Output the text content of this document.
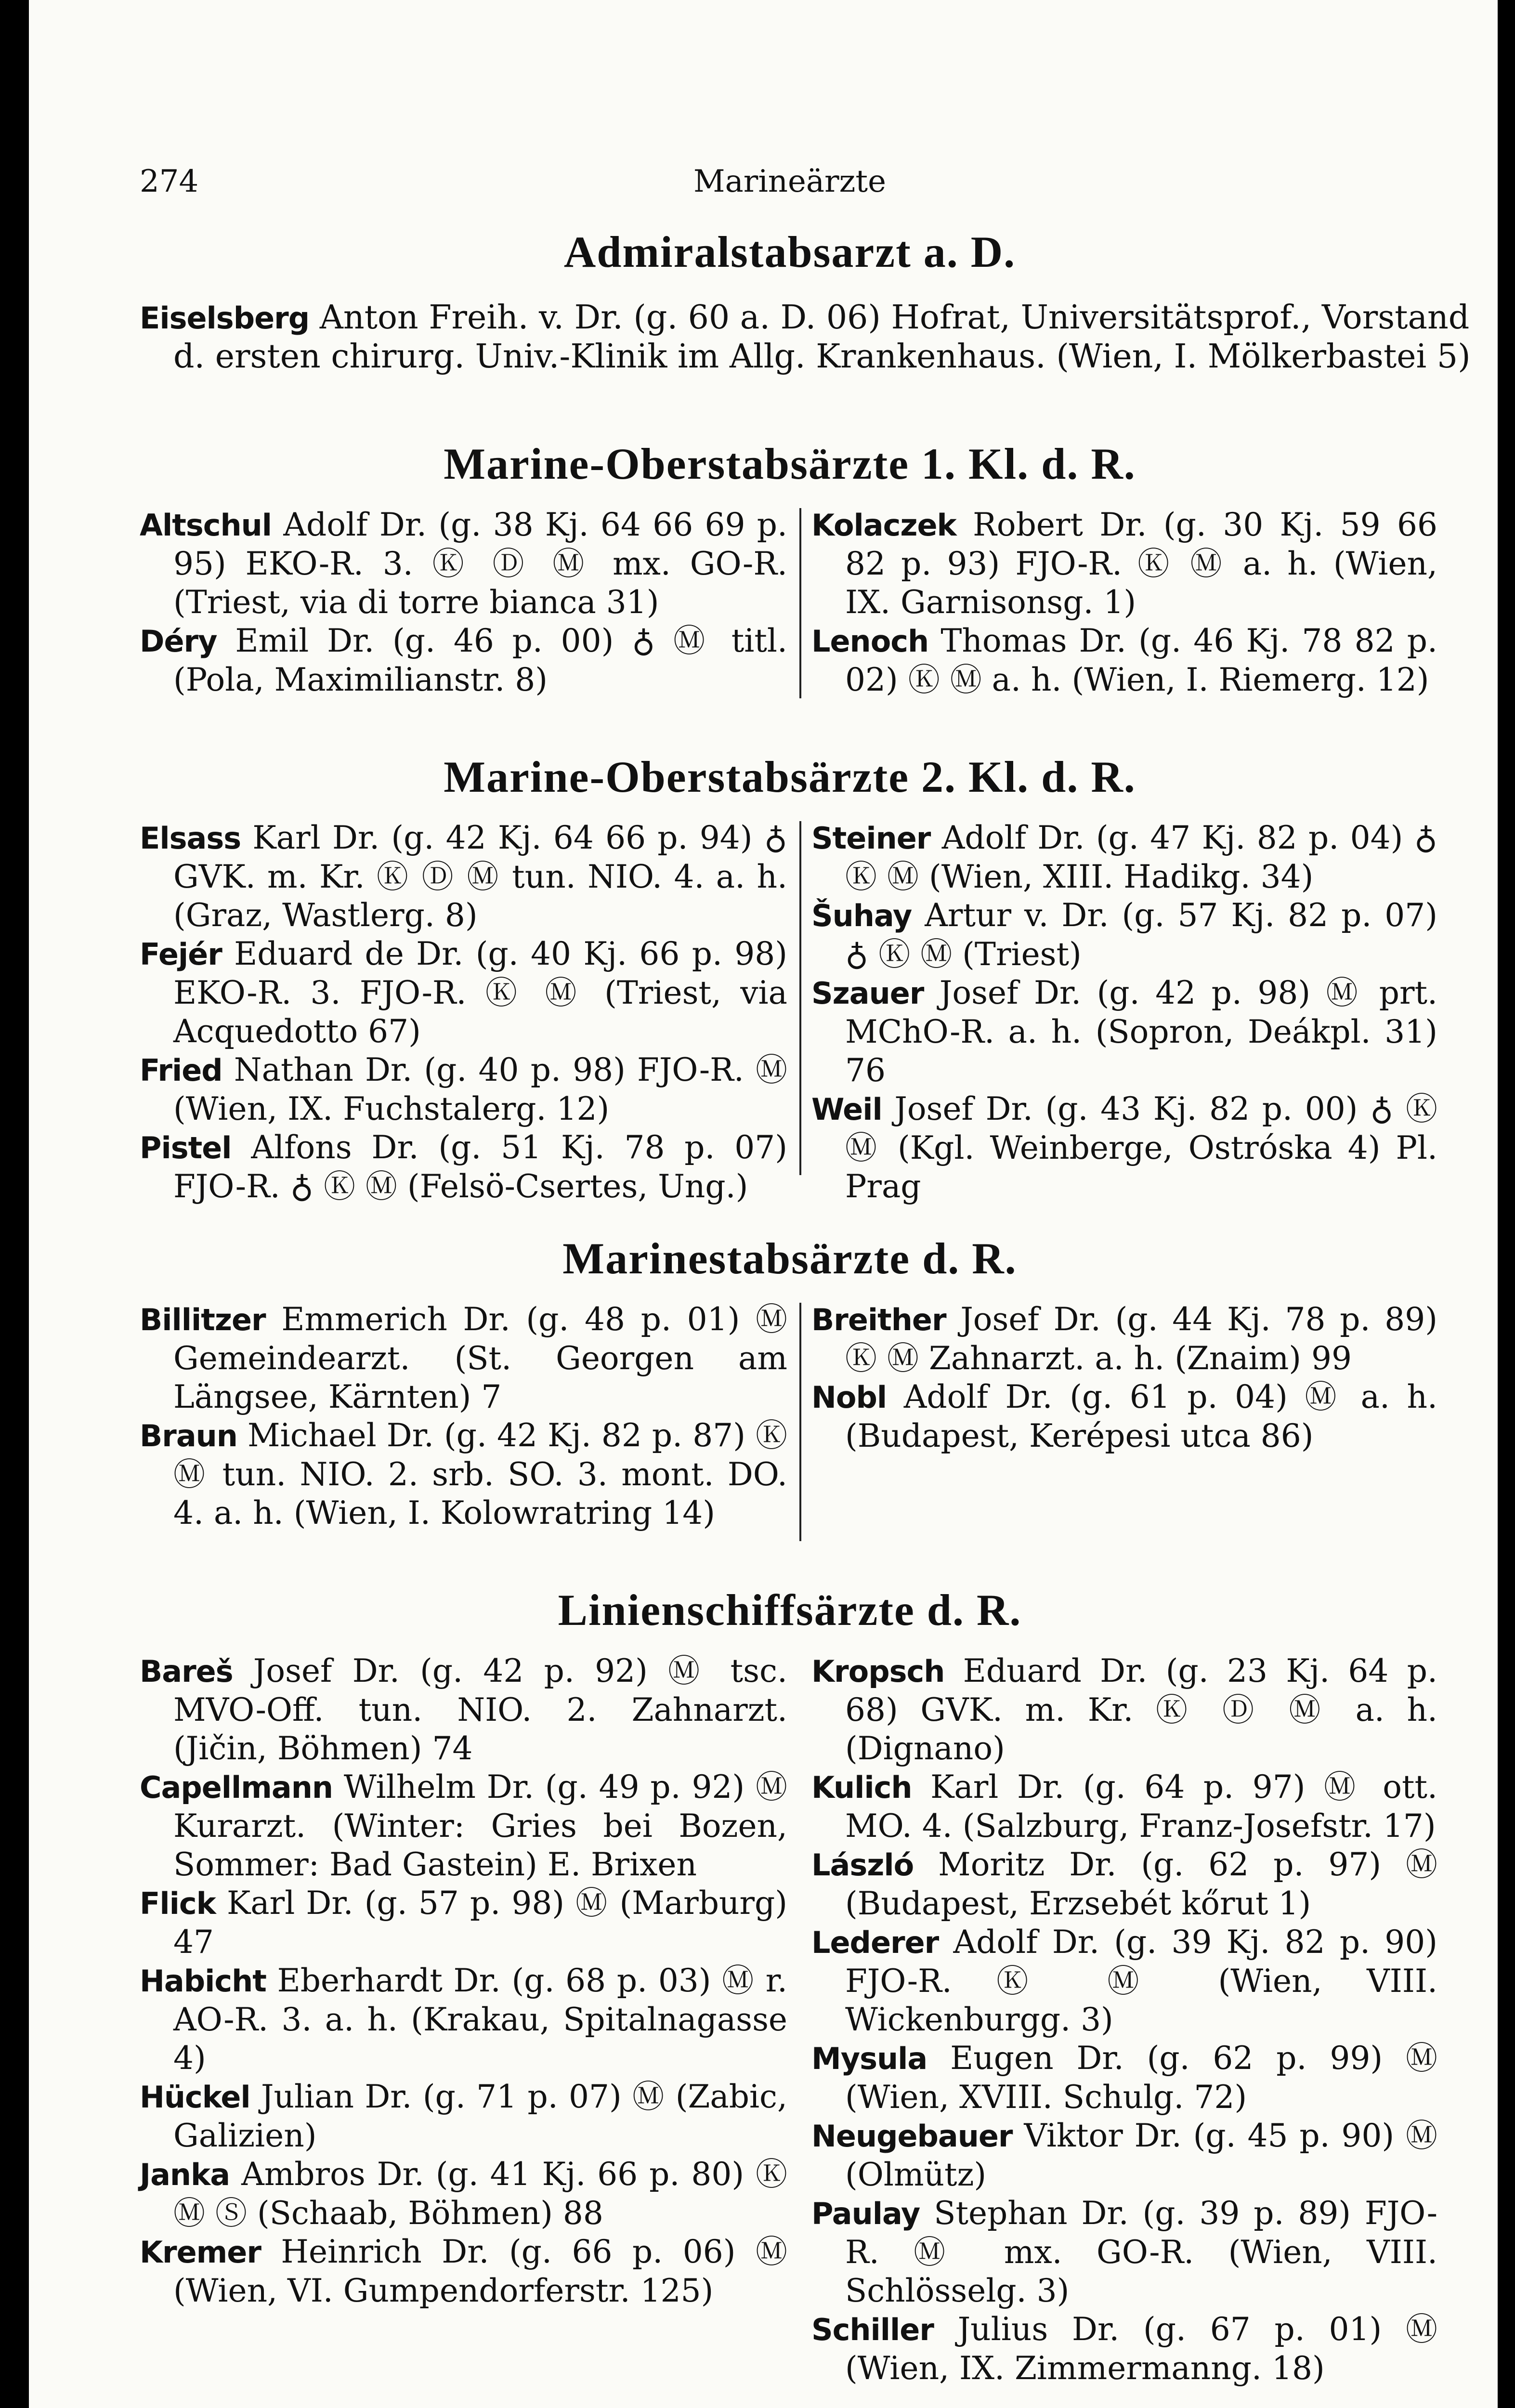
274	Marineärzte
Admiralstabsarzt a. D.

Eiselsberg Anton Freih. v. Dr. (g. 60 a. D. 06) Hofrat, Universitätsprof., Vorstand d. ersten chirurg. Univ.-Klinik im Allg. Krankenhaus. (Wien, I. Mölkerbastei 5)

Marine-Oberstabsärzte 1. Kl. d. R.

Altschul Adolf Dr. (g. 38 Kj. 64 66 69 p. 95) EKO-R. 3. Ⓚ Ⓓ Ⓜ mx. GO-R. (Triest, via di torre bianca 31)

Déry Emil Dr. (g. 46 p. 00) ♁ Ⓜ titl. (Pola, Maximilianstr. 8)

Kolaczek Robert Dr. (g. 30 Kj. 59 66 82 p. 93) FJO-R. Ⓚ Ⓜ a. h. (Wien, IX. Garnisonsg. 1)

Lenoch Thomas Dr. (g. 46 Kj. 78 82 p. 02) Ⓚ Ⓜ a. h. (Wien, I. Riemerg. 12)

Marine-Oberstabsärzte 2. Kl. d. R.

Elsass Karl Dr. (g. 42 Kj. 64 66 p. 94) ♁ GVK. m. Kr. Ⓚ Ⓓ Ⓜ tun. NIO. 4. a. h. (Graz, Wastlerg. 8)

Fejér Eduard de Dr. (g. 40 Kj. 66 p. 98) EKO-R. 3. FJO-R. Ⓚ Ⓜ (Triest, via Acquedotto 67)

Fried Nathan Dr. (g. 40 p. 98) FJO-R. Ⓜ (Wien, IX. Fuchstalerg. 12)

Pistel Alfons Dr. (g. 51 Kj. 78 p. 07) FJO-R. ♁ Ⓚ Ⓜ (Felsö-Csertes, Ung.)

Steiner Adolf Dr. (g. 47 Kj. 82 p. 04) ♁ Ⓚ Ⓜ (Wien, XIII. Hadikg. 34)

Šuhay Artur v. Dr. (g. 57 Kj. 82 p. 07) ♁ Ⓚ Ⓜ (Triest)

Szauer Josef Dr. (g. 42 p. 98) Ⓜ prt. MChO-R. a. h. (Sopron, Deákpl. 31) 76

Weil Josef Dr. (g. 43 Kj. 82 p. 00) ♁ Ⓚ Ⓜ (Kgl. Weinberge, Ostróska 4) Pl. Prag

Marinestabsärzte d. R.

Billitzer Emmerich Dr. (g. 48 p. 01) Ⓜ Gemeindearzt. (St. Georgen am Längsee, Kärnten) 7

Braun Michael Dr. (g. 42 Kj. 82 p. 87) Ⓚ Ⓜ tun. NIO. 2. srb. SO. 3. mont. DO. 4. a. h. (Wien, I. Kolowratring 14)

Breither Josef Dr. (g. 44 Kj. 78 p. 89) Ⓚ Ⓜ Zahnarzt. a. h. (Znaim) 99

Nobl Adolf Dr. (g. 61 p. 04) Ⓜ a. h. (Budapest, Kerépesi utca 86)

Linienschiffsärzte d. R.

Bareš Josef Dr. (g. 42 p. 92) Ⓜ tsc. MVO-Off. tun. NIO. 2. Zahnarzt. (Jičin, Böhmen) 74

Capellmann Wilhelm Dr. (g. 49 p. 92) Ⓜ Kurarzt. (Winter: Gries bei Bozen, Sommer: Bad Gastein) E. Brixen

Flick Karl Dr. (g. 57 p. 98) Ⓜ (Marburg) 47

Habicht Eberhardt Dr. (g. 68 p. 03) Ⓜ r. AO-R. 3. a. h. (Krakau, Spitalnagasse 4)

Hückel Julian Dr. (g. 71 p. 07) Ⓜ (Zabic, Galizien)

Janka Ambros Dr. (g. 41 Kj. 66 p. 80) Ⓚ Ⓜ Ⓢ (Schaab, Böhmen) 88

Kremer Heinrich Dr. (g. 66 p. 06) Ⓜ (Wien, VI. Gumpendorferstr. 125)

Kropsch Eduard Dr. (g. 23 Kj. 64 p. 68) GVK. m. Kr. Ⓚ Ⓓ Ⓜ a. h. (Dignano)

Kulich Karl Dr. (g. 64 p. 97) Ⓜ ott. MO. 4. (Salzburg, Franz-Josefstr. 17)

László Moritz Dr. (g. 62 p. 97) Ⓜ (Budapest, Erzsebét kőrut 1)

Lederer Adolf Dr. (g. 39 Kj. 82 p. 90) FJO-R. Ⓚ Ⓜ (Wien, VIII. Wickenburgg. 3)

Mysula Eugen Dr. (g. 62 p. 99) Ⓜ (Wien, XVIII. Schulg. 72)

Neugebauer Viktor Dr. (g. 45 p. 90) Ⓜ (Olmütz)

Paulay Stephan Dr. (g. 39 p. 89) FJO-R. Ⓜ mx. GO-R. (Wien, VIII. Schlösselg. 3)

Schiller Julius Dr. (g. 67 p. 01) Ⓜ (Wien, IX. Zimmermanng. 18)
